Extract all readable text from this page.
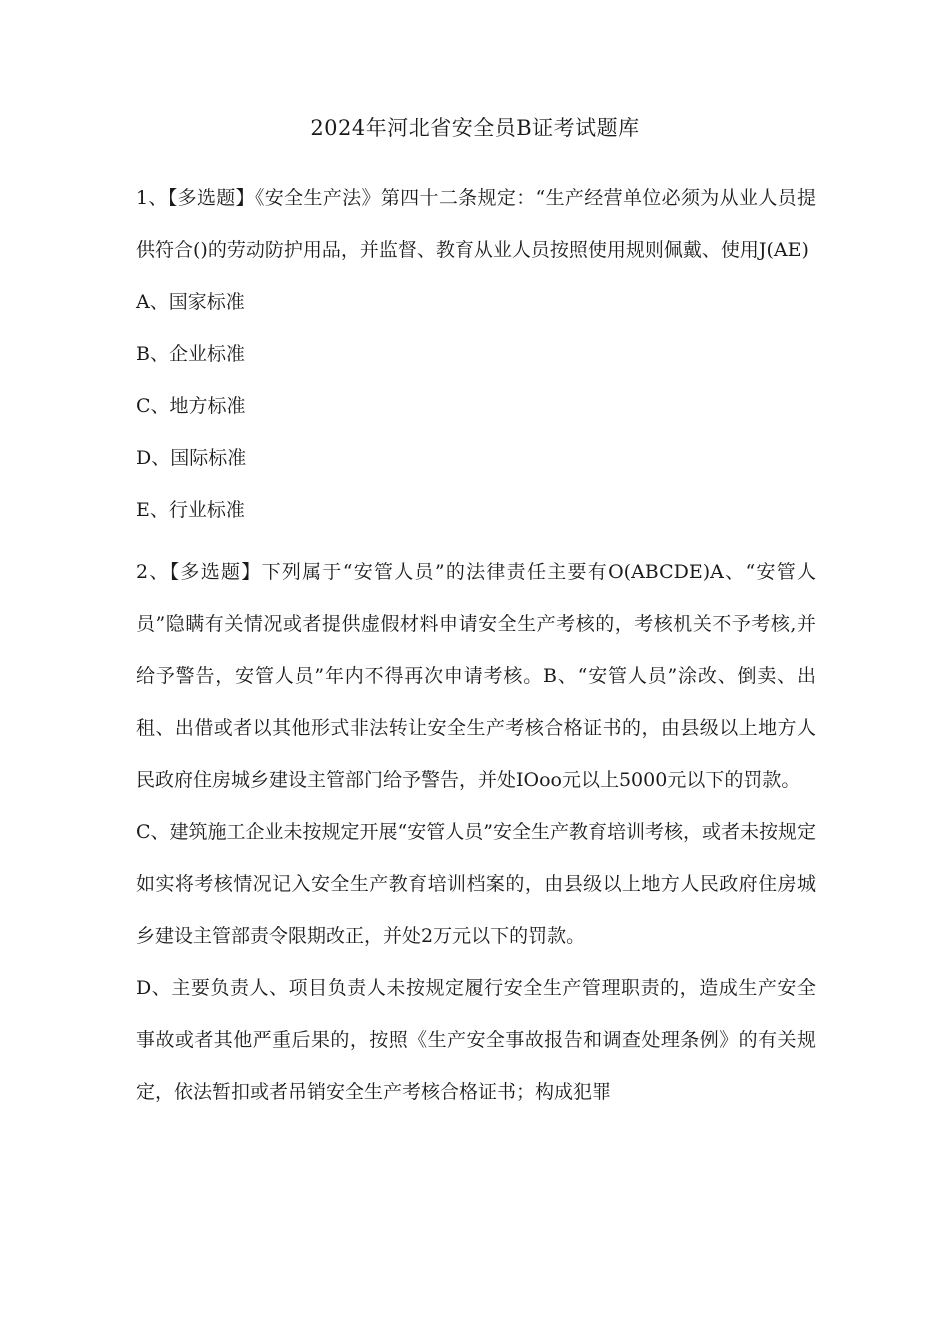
2024年河北省安全员B证考试题库

1、【多选题】《安全生产法》第四十二条规定：“生产经营单位必须为从业人员提供符合()的劳动防护用品，并监督、教育从业人员按照使用规则佩戴、使用J(AE)

A、国家标准

B、企业标准

C、地方标准

D、国际标准

E、行业标准

2、【多选题】下列属于“安管人员”的法律责任主要有O(ABCDE)A、“安管人员”隐瞒有关情况或者提供虚假材料申请安全生产考核的，考核机关不予考核,并给予警告，安管人员”年内不得再次申请考核。B、“安管人员”涂改、倒卖、出租、出借或者以其他形式非法转让安全生产考核合格证书的，由县级以上地方人民政府住房城乡建设主管部门给予警告，并处IOoo元以上5000元以下的罚款。

C、建筑施工企业未按规定开展“安管人员”安全生产教育培训考核，或者未按规定如实将考核情况记入安全生产教育培训档案的，由县级以上地方人民政府住房城乡建设主管部责令限期改正，并处2万元以下的罚款。

D、主要负责人、项目负责人未按规定履行安全生产管理职责的，造成生产安全事故或者其他严重后果的，按照《生产安全事故报告和调查处理条例》的有关规定，依法暂扣或者吊销安全生产考核合格证书；构成犯罪
